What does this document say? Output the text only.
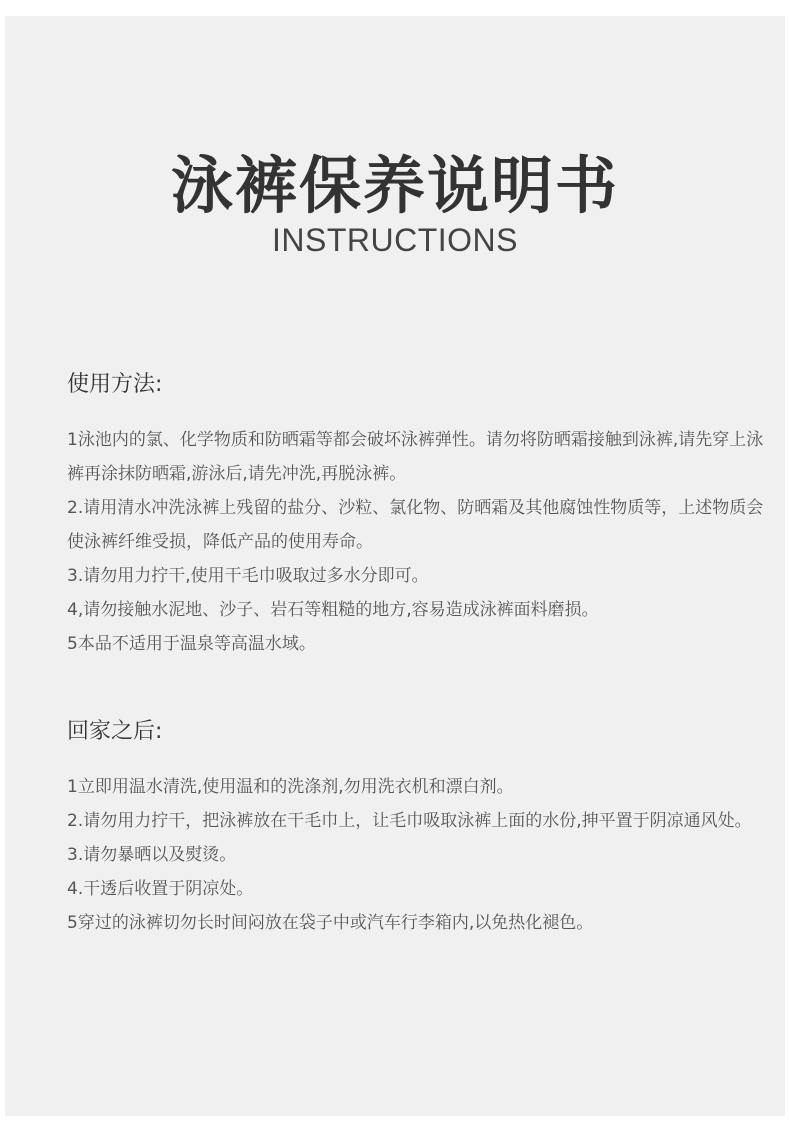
泳裤保养说明书
INSTRUCTIONS
使用方法:
1泳池内的氯、化学物质和防晒霜等都会破坏泳裤弹性。请勿将防晒霜接触到泳裤,请先穿上泳裤再涂抹防晒霜,游泳后,请先冲洗,再脱泳裤。
2.请用清水冲洗泳裤上残留的盐分、沙粒、氯化物、防晒霜及其他腐蚀性物质等，上述物质会使泳裤纤维受损，降低产品的使用寿命。
3.请勿用力拧干,使用干毛巾吸取过多水分即可。
4,请勿接触水泥地、沙子、岩石等粗糙的地方,容易造成泳裤面料磨损。
5本品不适用于温泉等高温水域。
回家之后:
1立即用温水清洗,使用温和的洗涤剂,勿用洗衣机和漂白剂。
2.请勿用力拧干，把泳裤放在干毛巾上，让毛巾吸取泳裤上面的水份,抻平置于阴凉通风处。
3.请勿暴晒以及熨烫。
4.干透后收置于阴凉处。
5穿过的泳裤切勿长时间闷放在袋子中或汽车行李箱内,以免热化褪色。
